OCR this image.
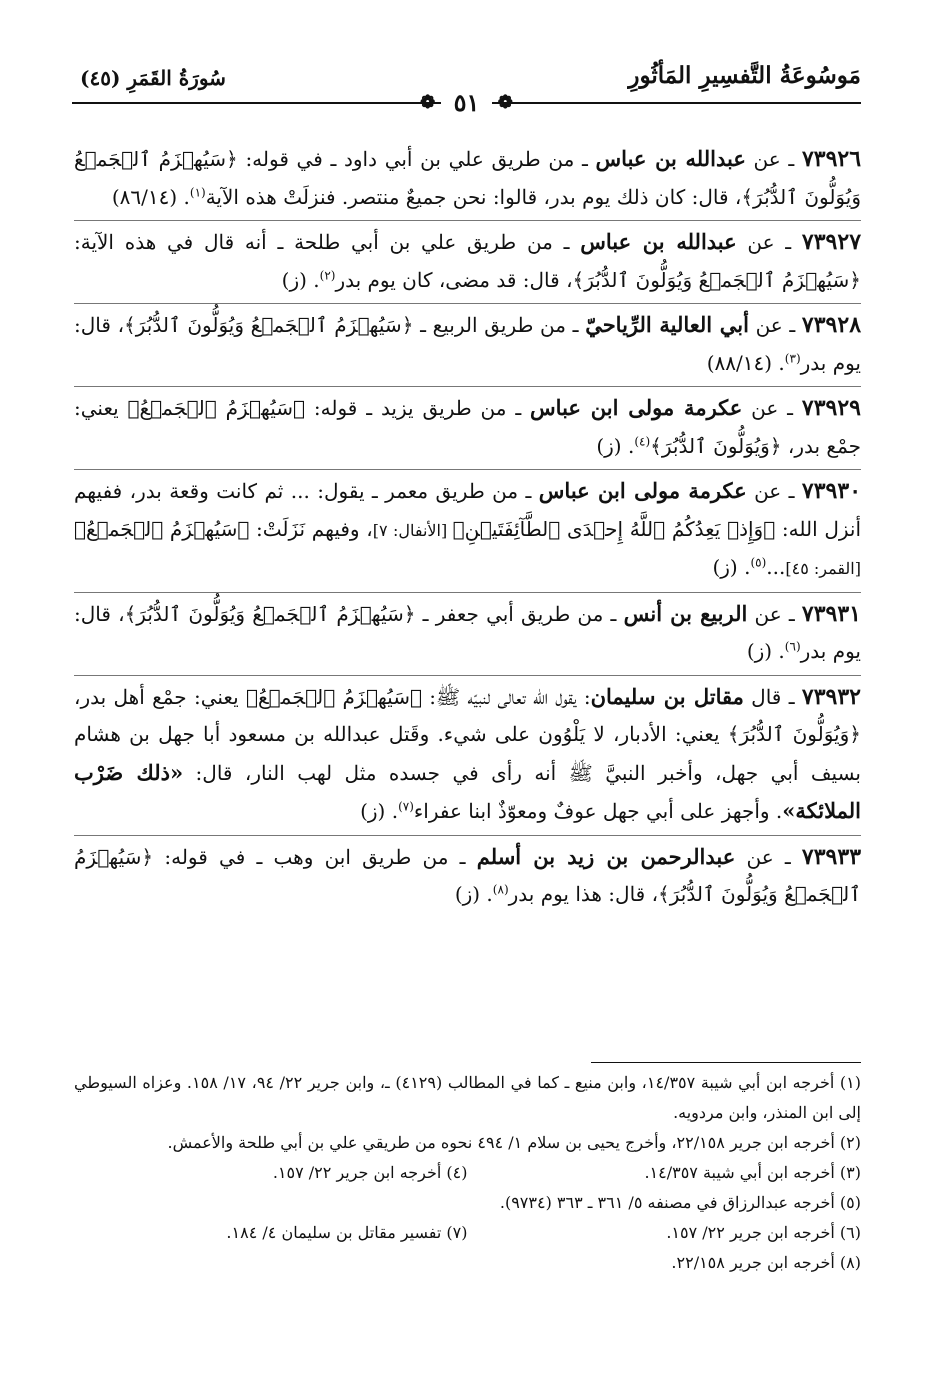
مَوسُوعَةُ التَّفسِيرِ المَأثُورِ
سُورَةُ القَمَرِ (٤٥)
❁ ٥١ ❁

٧٣٩٢٦ ـ عن عبدالله بن عباس ـ من طريق علي بن أبي داود ـ في قوله: ﴿سَيُهۡزَمُ ٱلۡجَمۡعُ وَيُوَلُّونَ ٱلدُّبُرَ﴾، قال: كان ذلك يوم بدر، قالوا: نحن جميعٌ منتصر. فنزلَتْ هذه الآية$^{(١)}$. (٨٦/١٤)

٧٣٩٢٧ ـ عن عبدالله بن عباس ـ من طريق علي بن أبي طلحة ـ أنه قال في هذه الآية: ﴿سَيُهۡزَمُ ٱلۡجَمۡعُ وَيُوَلُّونَ ٱلدُّبُرَ﴾، قال: قد مضى، كان يوم بدر$^{(٢)}$. (ز)

٧٣٩٢٨ ـ عن أبي العالية الرِّياحيّ ـ من طريق الربيع ـ ﴿سَيُهۡزَمُ ٱلۡجَمۡعُ وَيُوَلُّونَ ٱلدُّبُرَ﴾، قال: يوم بدر$^{(٣)}$. (٨٨/١٤)

٧٣٩٢٩ ـ عن عكرمة مولى ابن عباس ـ من طريق يزيد ـ قوله: ﴿سَيُهۡزَمُ ٱلۡجَمۡعُ﴾ يعني: جمْع بدر، ﴿وَيُوَلُّونَ ٱلدُّبُرَ﴾$^{(٤)}$. (ز)

٧٣٩٣٠ ـ عن عكرمة مولى ابن عباس ـ من طريق معمر ـ يقول: ... ثم كانت وقعة بدر، ففيهم أنزل الله: ﴿وَإِذۡ يَعِدُكُمُ ٱللَّهُ إِحۡدَى ٱلطَّآئِفَتَيۡنِ﴾ [الأنفال: ٧]، وفيهم نَزَلَتْ: ﴿سَيُهۡزَمُ ٱلۡجَمۡعُ﴾ [القمر: ٤٥]...$^{(٥)}$. (ز)

٧٣٩٣١ ـ عن الربيع بن أنس ـ من طريق أبي جعفر ـ ﴿سَيُهۡزَمُ ٱلۡجَمۡعُ وَيُوَلُّونَ ٱلدُّبُرَ﴾، قال: يوم بدر$^{(٦)}$. (ز)

٧٣٩٣٢ ـ قال مقاتل بن سليمان: يقول الله تعالى لنبيّه ﷺ: ﴿سَيُهۡزَمُ ٱلۡجَمۡعُ﴾ يعني: جمْع أهل بدر، ﴿وَيُوَلُّونَ ٱلدُّبُرَ﴾ يعني: الأدبار، لا يَلْوُون على شيء. وقَتل عبدالله بن مسعود أبا جهل بن هشام بسيف أبي جهل، وأخبر النبيَّ ﷺ أنه رأى في جسده مثل لهب النار، قال: «ذلك ضَرْب الملائكة». وأجهز على أبي جهل عوفٌ ومعوّذٌ ابنا عفراء$^{(٧)}$. (ز)

٧٣٩٣٣ ـ عن عبدالرحمن بن زيد بن أسلم ـ من طريق ابن وهب ـ في قوله: ﴿سَيُهۡزَمُ ٱلۡجَمۡعُ وَيُوَلُّونَ ٱلدُّبُرَ﴾، قال: هذا يوم بدر$^{(٨)}$. (ز)

(١) أخرجه ابن أبي شيبة ١٤/٣٥٧، وابن منيع ـ كما في المطالب (٤١٢٩) ـ، وابن جرير ٢٢/ ٩٤، ١٧/ ١٥٨. وعزاه السيوطي إلى ابن المنذر، وابن مردويه.

(٢) أخرجه ابن جرير ٢٢/١٥٨، وأخرج يحيى بن سلام ١/ ٤٩٤ نحوه من طريقي علي بن أبي طلحة والأعمش.

(٣) أخرجه ابن أبي شيبة ١٤/٣٥٧.

(٤) أخرجه ابن جرير ٢٢/ ١٥٧.

(٥) أخرجه عبدالرزاق في مصنفه ٥/ ٣٦١ ـ ٣٦٣ (٩٧٣٤).

(٦) أخرجه ابن جرير ٢٢/ ١٥٧.

(٧) تفسير مقاتل بن سليمان ٤/ ١٨٤.

(٨) أخرجه ابن جرير ٢٢/١٥٨.
